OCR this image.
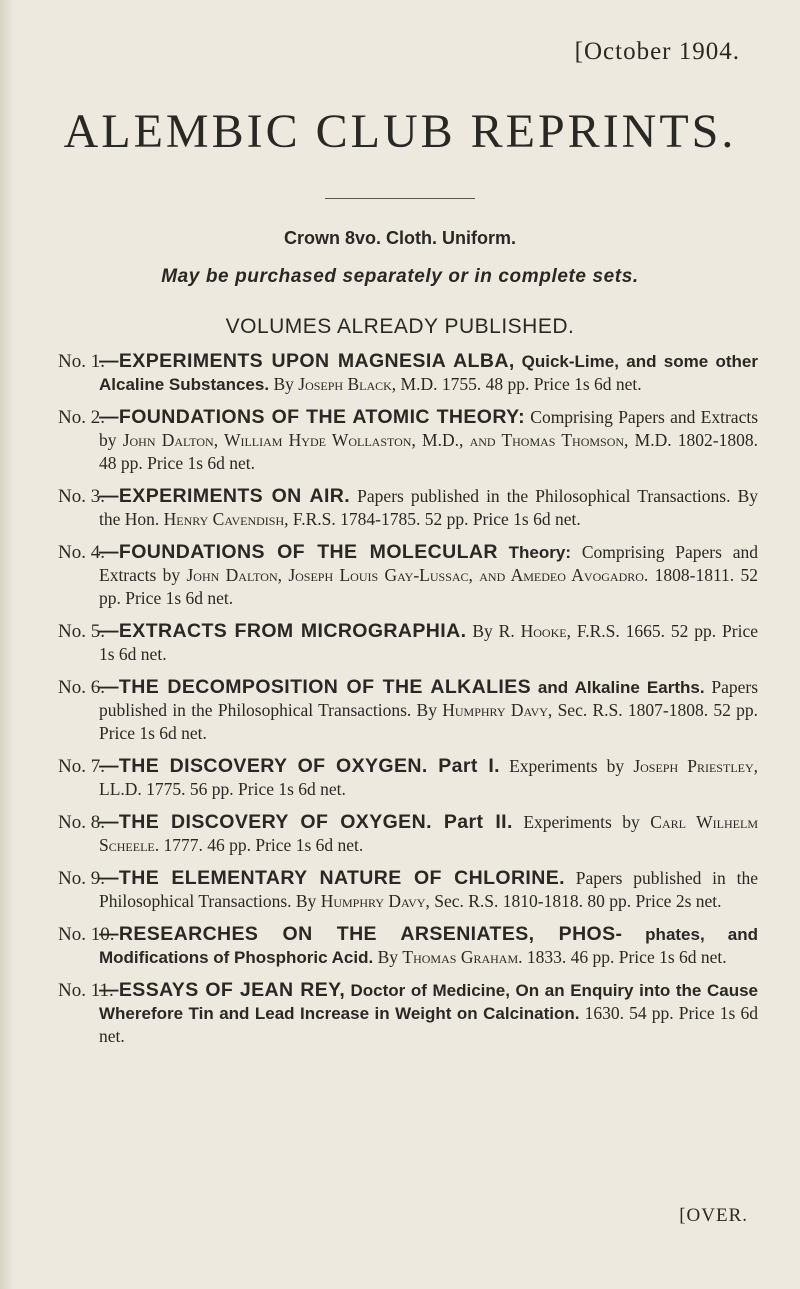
[October 1904.
ALEMBIC CLUB REPRINTS.
Crown 8vo. Cloth. Uniform.
May be purchased separately or in complete sets.
VOLUMES ALREADY PUBLISHED.
No. 1.
—EXPERIMENTS UPON MAGNESIA ALBA, Quick-Lime, and some other Alcaline Substances. By Joseph Black, M.D. 1755. 48 pp. Price 1s 6d net.
No. 2.
—FOUNDATIONS OF THE ATOMIC THEORY: Comprising Papers and Extracts by John Dalton, William Hyde Wollaston, M.D., and Thomas Thomson, M.D. 1802-1808. 48 pp. Price 1s 6d net.
No. 3.
—EXPERIMENTS ON AIR. Papers published in the Philosophical Transactions. By the Hon. Henry Cavendish, F.R.S. 1784-1785. 52 pp. Price 1s 6d net.
No. 4.
—FOUNDATIONS OF THE MOLECULAR Theory: Comprising Papers and Extracts by John Dalton, Joseph Louis Gay-Lussac, and Amedeo Avogadro. 1808-1811. 52 pp. Price 1s 6d net.
No. 5.
—EXTRACTS FROM MICROGRAPHIA. By R. Hooke, F.R.S. 1665. 52 pp. Price 1s 6d net.
No. 6.
—THE DECOMPOSITION OF THE ALKALIES and Alkaline Earths. Papers published in the Philosophical Transactions. By Humphry Davy, Sec. R.S. 1807-1808. 52 pp. Price 1s 6d net.
No. 7.
—THE DISCOVERY OF OXYGEN. Part I. Experiments by Joseph Priestley, LL.D. 1775. 56 pp. Price 1s 6d net.
No. 8.
—THE DISCOVERY OF OXYGEN. Part II. Experiments by Carl Wilhelm Scheele. 1777. 46 pp. Price 1s 6d net.
No. 9.
—THE ELEMENTARY NATURE OF CHLORINE. Papers published in the Philosophical Transactions. By Humphry Davy, Sec. R.S. 1810-1818. 80 pp. Price 2s net.
No. 10.
—RESEARCHES ON THE ARSENIATES, PHOS- phates, and Modifications of Phosphoric Acid. By Thomas Graham. 1833. 46 pp. Price 1s 6d net.
No. 11.
—ESSAYS OF JEAN REY, Doctor of Medicine, On an Enquiry into the Cause Wherefore Tin and Lead Increase in Weight on Calcination. 1630. 54 pp. Price 1s 6d net.
[OVER.
